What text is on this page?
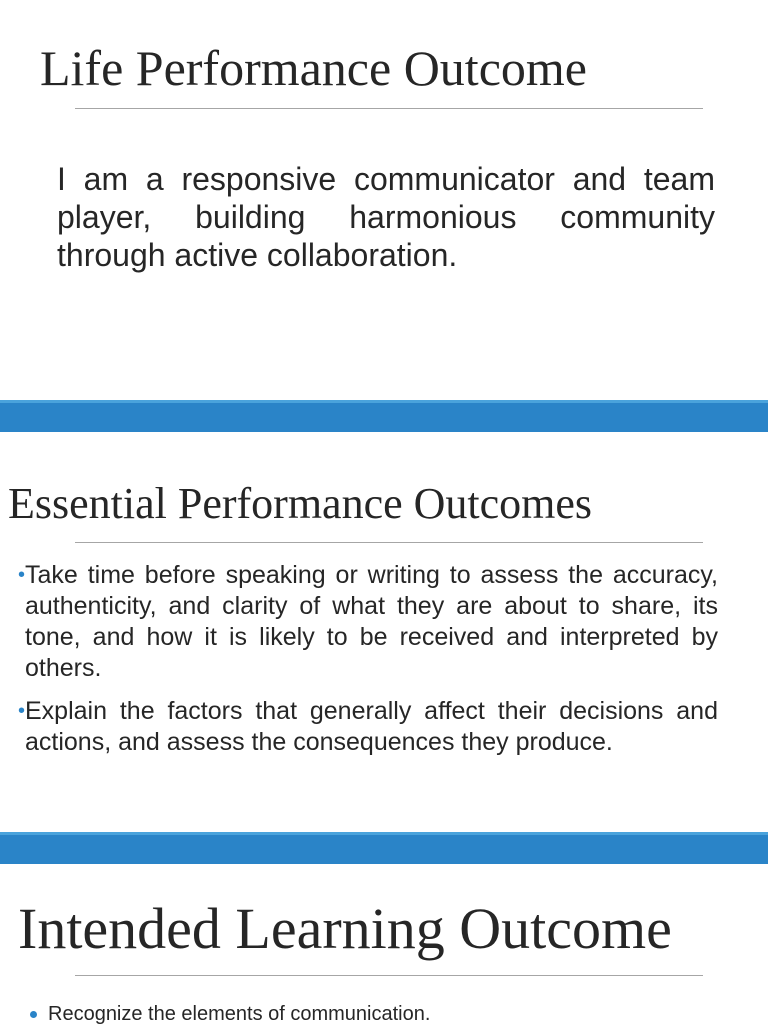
Life Performance Outcome
I am a responsive communicator and team player, building harmonious community through active collaboration.
Essential Performance Outcomes
• Take time before speaking or writing to assess the accuracy, authenticity, and clarity of what they are about to share, its tone, and how it is likely to be received and interpreted by others.
• Explain the factors that generally affect their decisions and actions, and assess the consequences they produce.
Intended Learning Outcome
Recognize the elements of communication.
